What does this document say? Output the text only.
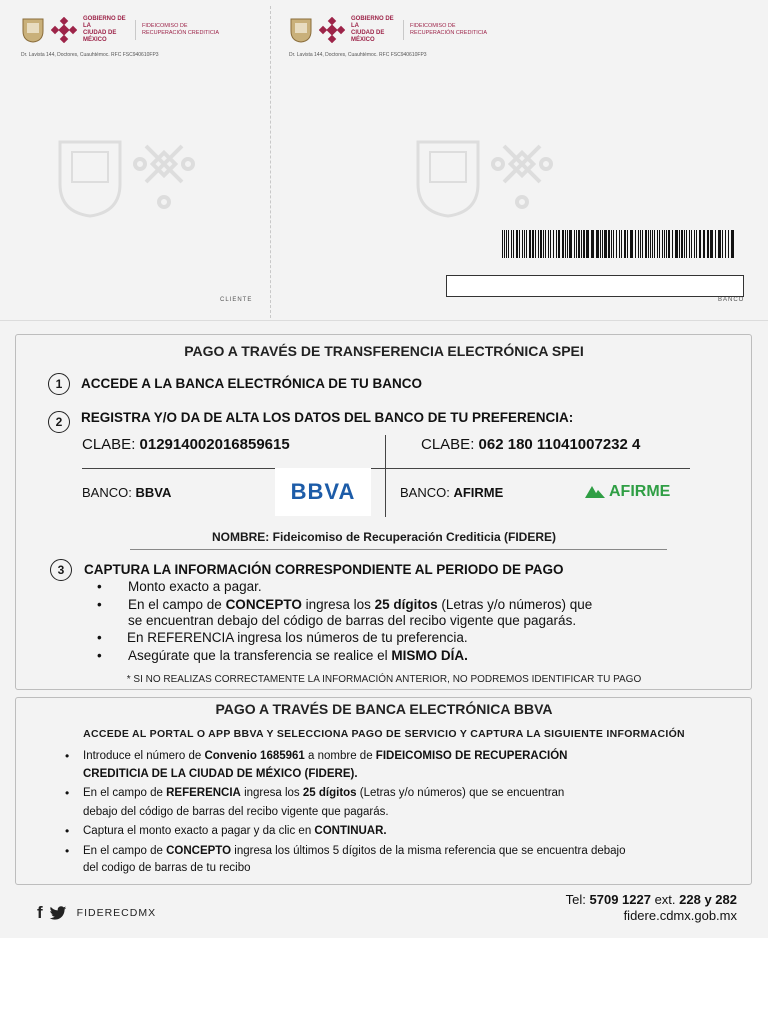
GOBIERNO DE LA
CIUDAD DE MÉXICO
FIDEICOMISO DE
RECUPERACIÓN CREDITICIA
Dr. Lavista 144, Doctores, Cuauhtémoc. RFC FSC940610FP3
CLIENTE
GOBIERNO DE LA
CIUDAD DE MÉXICO
FIDEICOMISO DE
RECUPERACIÓN CREDITICIA
Dr. Lavista 144, Doctores, Cuauhtémoc. RFC FSC940610FP3
BANCO
PAGO A TRAVÉS DE TRANSFERENCIA ELECTRÓNICA SPEI
1	ACCEDE A LA BANCA ELECTRÓNICA DE TU BANCO
2	REGISTRA Y/O DA DE ALTA LOS DATOS DEL BANCO DE TU PREFERENCIA:
CLABE: 012914002016859615	CLABE: 062 180 11041007232 4
BANCO: BBVA	BBVA	BANCO: AFIRME	AFIRME
NOMBRE: Fideicomiso de Recuperación Crediticia (FIDERE)
3	CAPTURA LA INFORMACIÓN CORRESPONDIENTE AL PERIODO DE PAGO
• Monto exacto a pagar.
• En el campo de CONCEPTO ingresa los 25 dígitos (Letras y/o números) que
se encuentran debajo del código de barras del recibo vigente que pagarás.
• En REFERENCIA ingresa los números de tu preferencia.
• Asegúrate que la transferencia se realice el MISMO DÍA.
* SI NO REALIZAS CORRECTAMENTE LA INFORMACIÓN ANTERIOR, NO PODREMOS IDENTIFICAR TU PAGO
PAGO A TRAVÉS DE BANCA ELECTRÓNICA BBVA
ACCEDE AL PORTAL O APP BBVA Y SELECCIONA PAGO DE SERVICIO Y CAPTURA LA SIGUIENTE INFORMACIÓN
• Introduce el número de Convenio 1685961 a nombre de FIDEICOMISO DE RECUPERACIÓN
CREDITICIA DE LA CIUDAD DE MÉXICO (FIDERE).
• En el campo de REFERENCIA ingresa los 25 dígitos (Letras y/o números) que se encuentran
debajo del código de barras del recibo vigente que pagarás.
• Captura el monto exacto a pagar y da clic en CONTINUAR.
• En el campo de CONCEPTO ingresa los últimos 5 dígitos de la misma referencia que se encuentra debajo
del codigo de barras de tu recibo
f	FIDERECDMX
Tel: 5709 1227 ext. 228 y 282
fidere.cdmx.gob.mx
